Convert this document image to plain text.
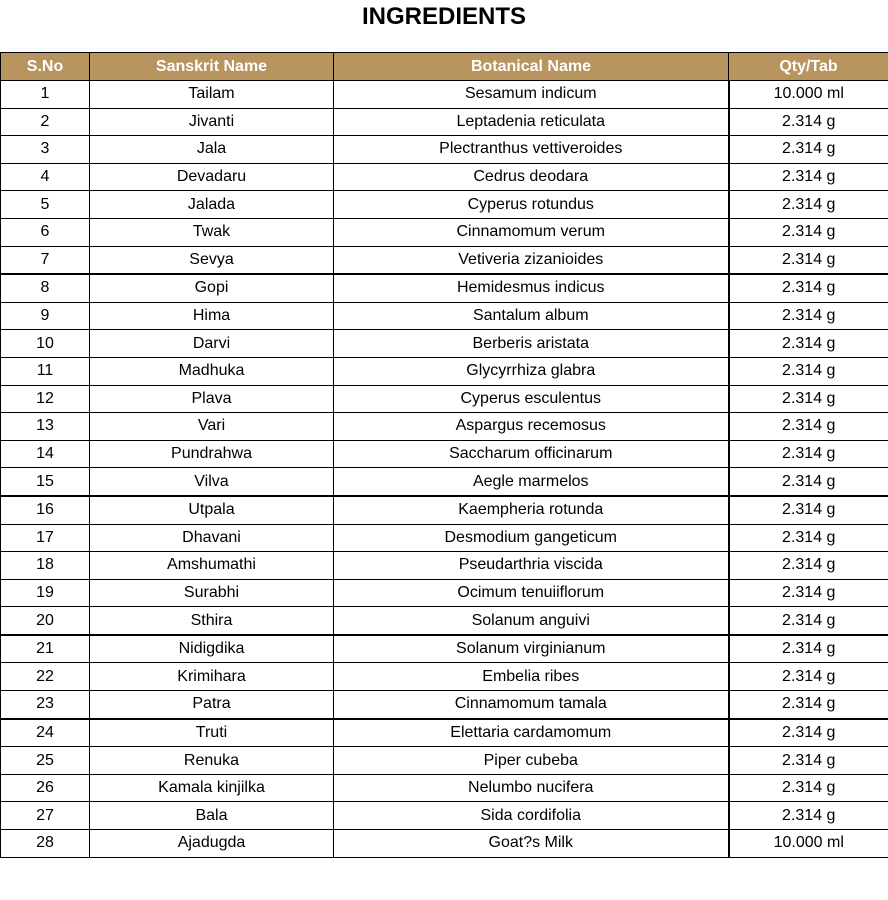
INGREDIENTS
S.No	Sanskrit Name	Botanical Name	Qty/Tab
1	Tailam	Sesamum indicum	10.000 ml
2	Jivanti	Leptadenia reticulata	2.314 g
3	Jala	Plectranthus vettiveroides	2.314 g
4	Devadaru	Cedrus deodara	2.314 g
5	Jalada	Cyperus rotundus	2.314 g
6	Twak	Cinnamomum verum	2.314 g
7	Sevya	Vetiveria zizanioides	2.314 g
8	Gopi	Hemidesmus indicus	2.314 g
9	Hima	Santalum album	2.314 g
10	Darvi	Berberis aristata	2.314 g
11	Madhuka	Glycyrrhiza glabra	2.314 g
12	Plava	Cyperus esculentus	2.314 g
13	Vari	Aspargus recemosus	2.314 g
14	Pundrahwa	Saccharum officinarum	2.314 g
15	Vilva	Aegle marmelos	2.314 g
16	Utpala	Kaempheria rotunda	2.314 g
17	Dhavani	Desmodium gangeticum	2.314 g
18	Amshumathi	Pseudarthria viscida	2.314 g
19	Surabhi	Ocimum tenuiiflorum	2.314 g
20	Sthira	Solanum anguivi	2.314 g
21	Nidigdika	Solanum virginianum	2.314 g
22	Krimihara	Embelia ribes	2.314 g
23	Patra	Cinnamomum tamala	2.314 g
24	Truti	Elettaria cardamomum	2.314 g
25	Renuka	Piper cubeba	2.314 g
26	Kamala kinjilka	Nelumbo nucifera	2.314 g
27	Bala	Sida cordifolia	2.314 g
28	Ajadugda	Goat?s Milk	10.000 ml
